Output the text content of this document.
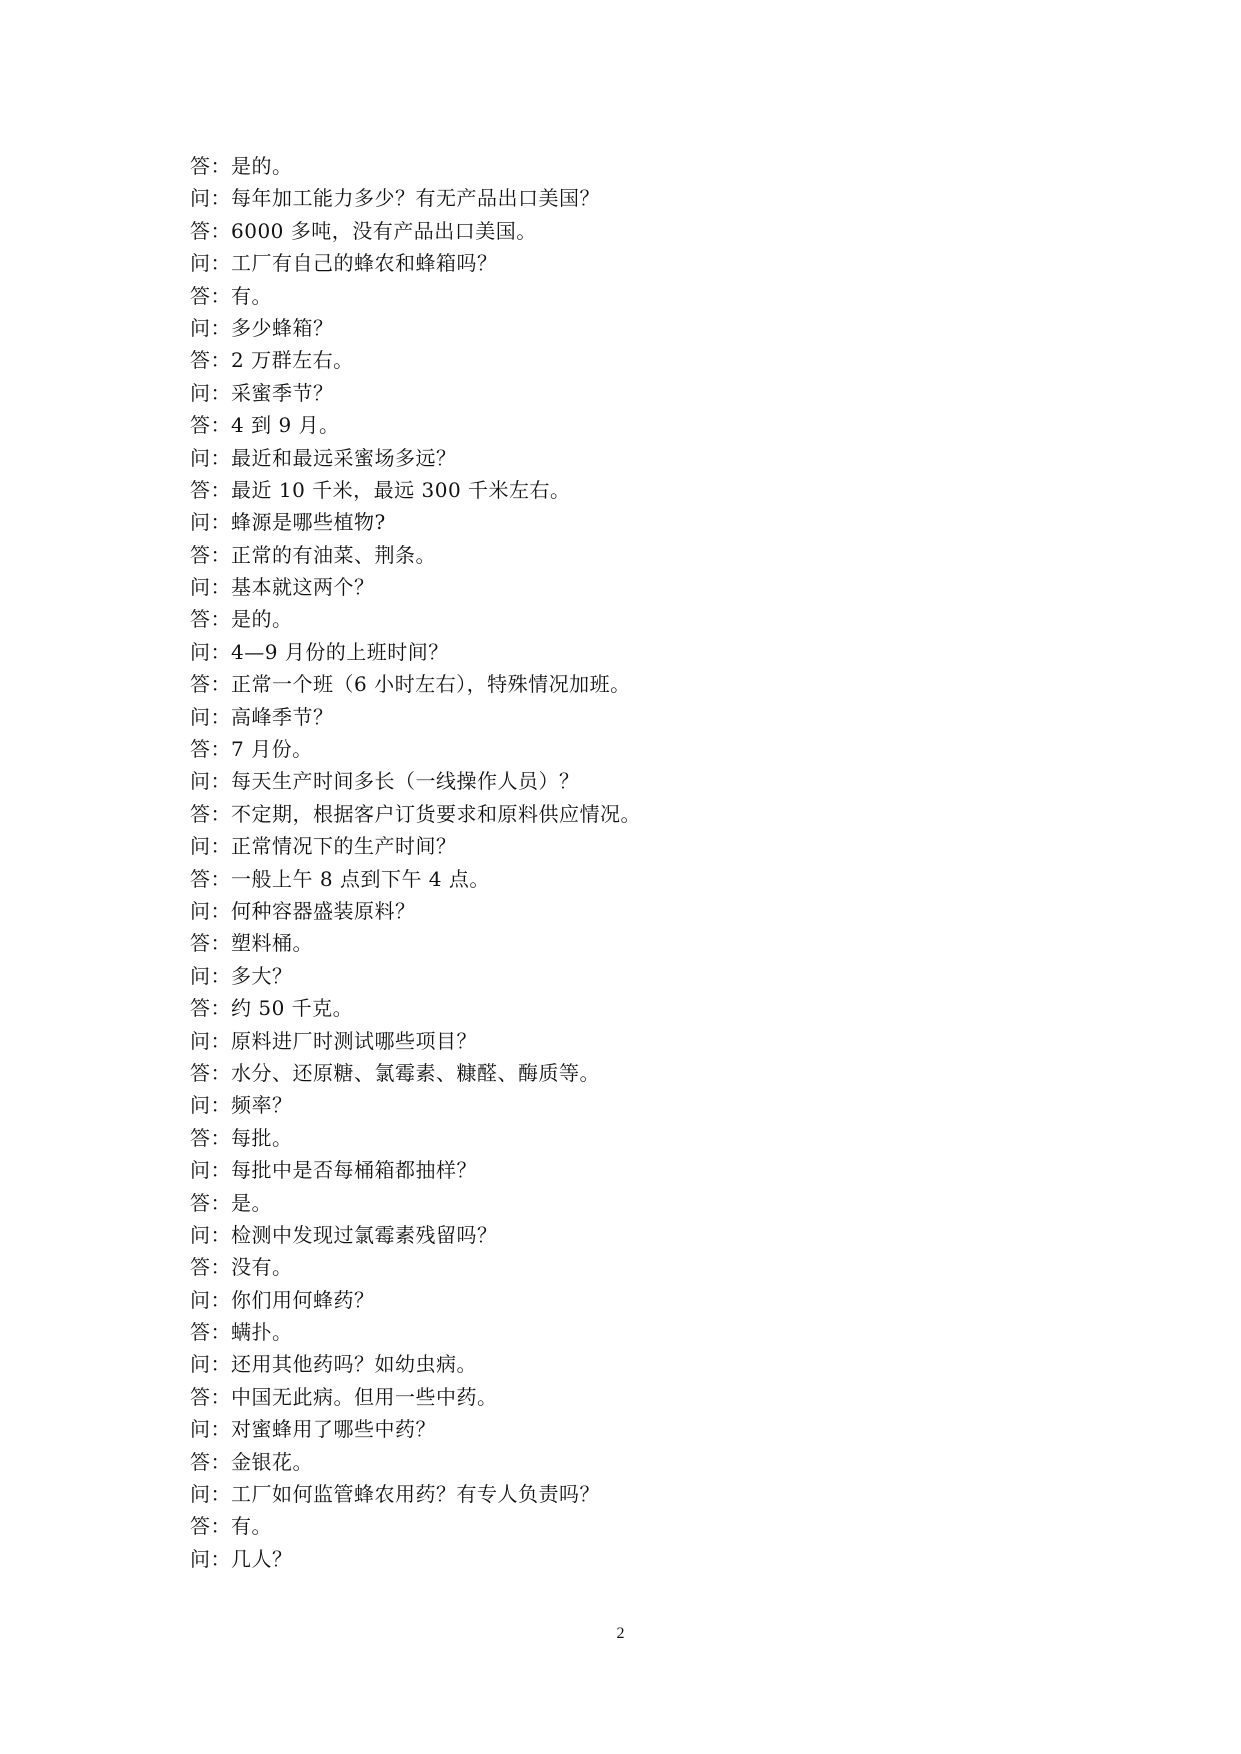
答：是的。
问：每年加工能力多少？有无产品出口美国？
答：6000 多吨，没有产品出口美国。
问：工厂有自己的蜂农和蜂箱吗？
答：有。
问：多少蜂箱？
答：2 万群左右。
问：采蜜季节？
答：4 到 9 月。
问：最近和最远采蜜场多远？
答：最近 10 千米，最远 300 千米左右。
问：蜂源是哪些植物?
答：正常的有油菜、荆条。
问：基本就这两个？
答：是的。
问：4—9 月份的上班时间？
答：正常一个班（6 小时左右），特殊情况加班。
问：高峰季节？
答：7 月份。
问：每天生产时间多长（一线操作人员）？
答：不定期，根据客户订货要求和原料供应情况。
问：正常情况下的生产时间？
答：一般上午 8 点到下午 4 点。
问：何种容器盛装原料？
答：塑料桶。
问：多大？
答：约 50 千克。
问：原料进厂时测试哪些项目？
答：水分、还原糖、氯霉素、糠醛、酶质等。
问：频率？
答：每批。
问：每批中是否每桶箱都抽样？
答：是。
问：检测中发现过氯霉素残留吗？
答：没有。
问：你们用何蜂药？
答：螨扑。
问：还用其他药吗？如幼虫病。
答：中国无此病。但用一些中药。
问：对蜜蜂用了哪些中药？
答：金银花。
问：工厂如何监管蜂农用药？有专人负责吗？
答：有。
问：几人？
2
